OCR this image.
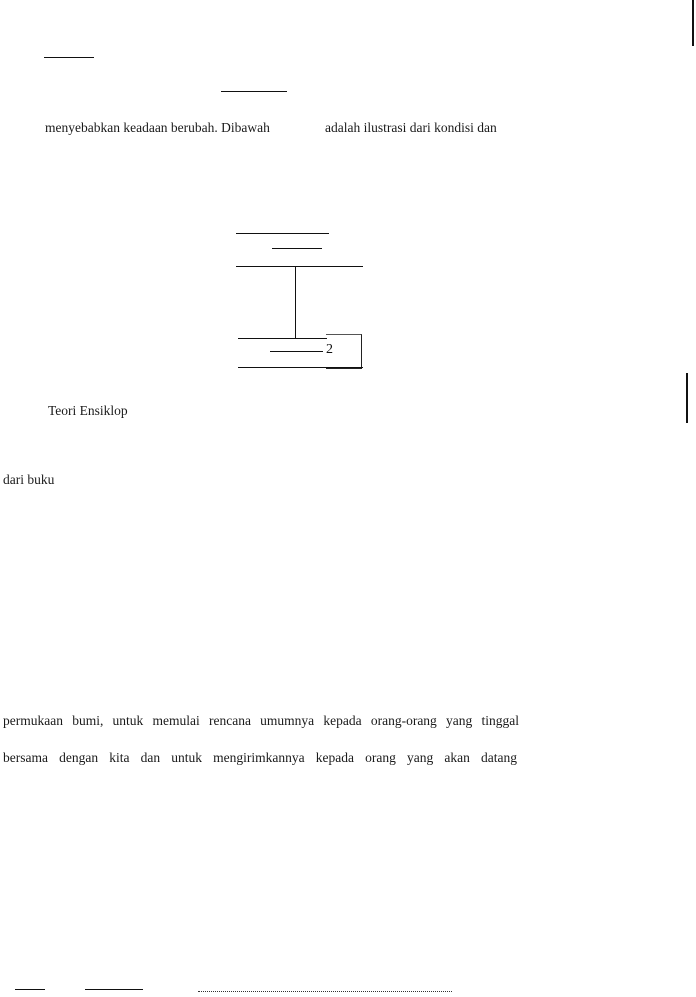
menyebabkan keadaan berubah. Dibawah	adalah ilustrasi dari kondisi dan
2
Teori Ensiklop
dari buku
permukaan bumi, untuk memulai rencana umumnya kepada orang-orang yang tinggal
bersama dengan kita dan untuk mengirimkannya kepada orang yang akan datang
